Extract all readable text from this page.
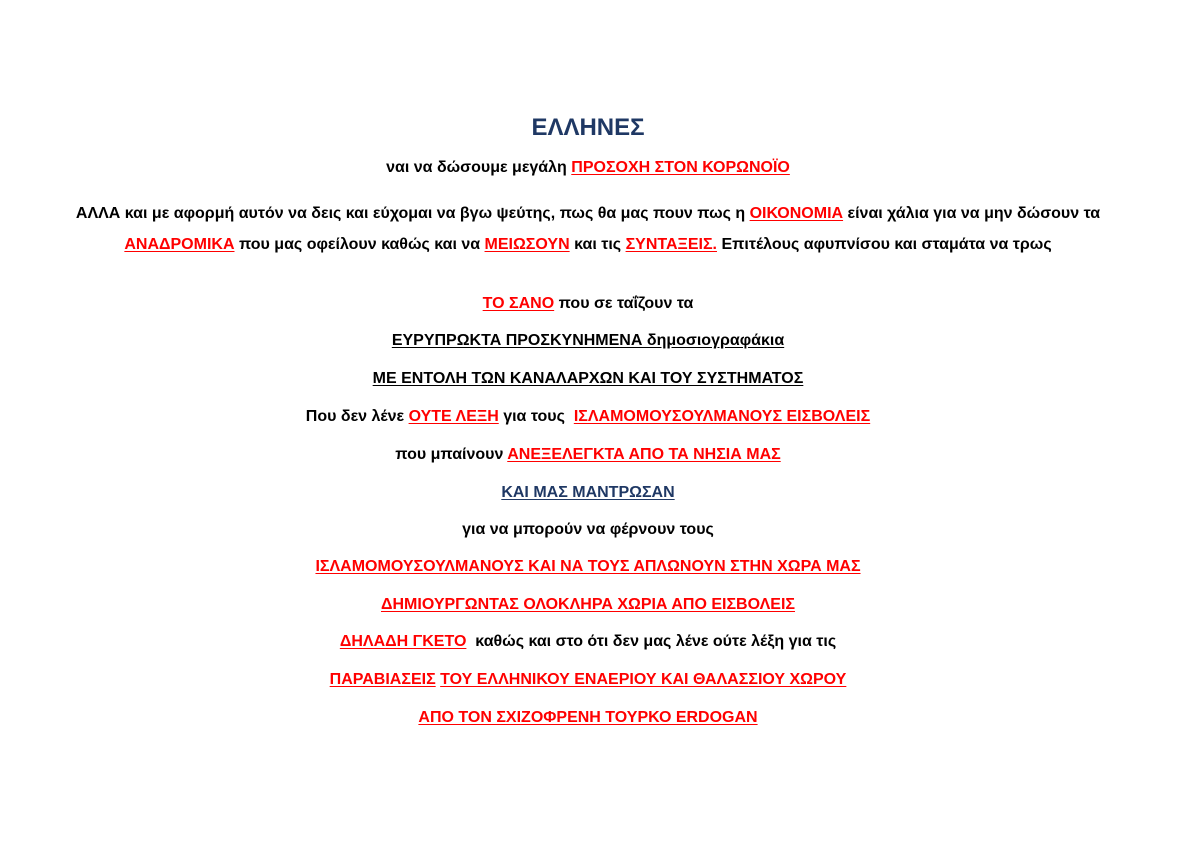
ΕΛΛΗΝΕΣ
ναι να δώσουμε μεγάλη ΠΡΟΣΟΧΗ ΣΤΟΝ ΚΟΡΩΝΟΪΟ
ΑΛΛΑ και με αφορμή αυτόν να δεις και εύχομαι να βγω ψεύτης, πως θα μας πουν πως η ΟΙΚΟΝΟΜΙΑ είναι χάλια για να μην δώσουν τα ΑΝΑΔΡΟΜΙΚΑ που μας οφείλουν καθώς και να ΜΕΙΩΣΟΥΝ και τις ΣΥΝΤΑΞΕΙΣ. Επιτέλους αφυπνίσου και σταμάτα να τρως
ΤΟ ΣΑΝΟ που σε ταΐζουν τα
ΕΥΡΥΠΡΩΚΤΑ ΠΡΟΣΚΥΝΗΜΕΝΑ δημοσιογραφάκια
ΜΕ ΕΝΤΟΛΗ ΤΩΝ ΚΑΝΑΛΑΡΧΩΝ ΚΑΙ ΤΟΥ ΣΥΣΤΗΜΑΤΟΣ
Που δεν λένε ΟΥΤΕ ΛΕΞΗ για τους  ΙΣΛΑΜΟΜΟΥΣΟΥΛΜΑΝΟΥΣ ΕΙΣΒΟΛΕΙΣ
που μπαίνουν ΑΝΕΞΕΛΕΓΚΤΑ ΑΠΟ ΤΑ ΝΗΣΙΑ ΜΑΣ
ΚΑΙ ΜΑΣ ΜΑΝΤΡΩΣΑΝ
για να μπορούν να φέρνουν τους
ΙΣΛΑΜΟΜΟΥΣΟΥΛΜΑΝΟΥΣ ΚΑΙ ΝΑ ΤΟΥΣ ΑΠΛΩΝΟΥΝ ΣΤΗΝ ΧΩΡΑ ΜΑΣ
ΔΗΜΙΟΥΡΓΩΝΤΑΣ ΟΛΟΚΛΗΡΑ ΧΩΡΙΑ ΑΠΟ ΕΙΣΒΟΛΕΙΣ
ΔΗΛΑΔΗ ΓΚΕΤΟ  καθώς και στο ότι δεν μας λένε ούτε λέξη για τις
ΠΑΡΑΒΙΑΣΕΙΣ ΤΟΥ ΕΛΛΗΝΙΚΟΥ ΕΝΑΕΡΙΟΥ ΚΑΙ ΘΑΛΑΣΣΙΟΥ ΧΩΡΟΥ
ΑΠΟ ΤΟΝ ΣΧΙΖΟΦΡΕΝΗ ΤΟΥΡΚΟ ERDOGAN
